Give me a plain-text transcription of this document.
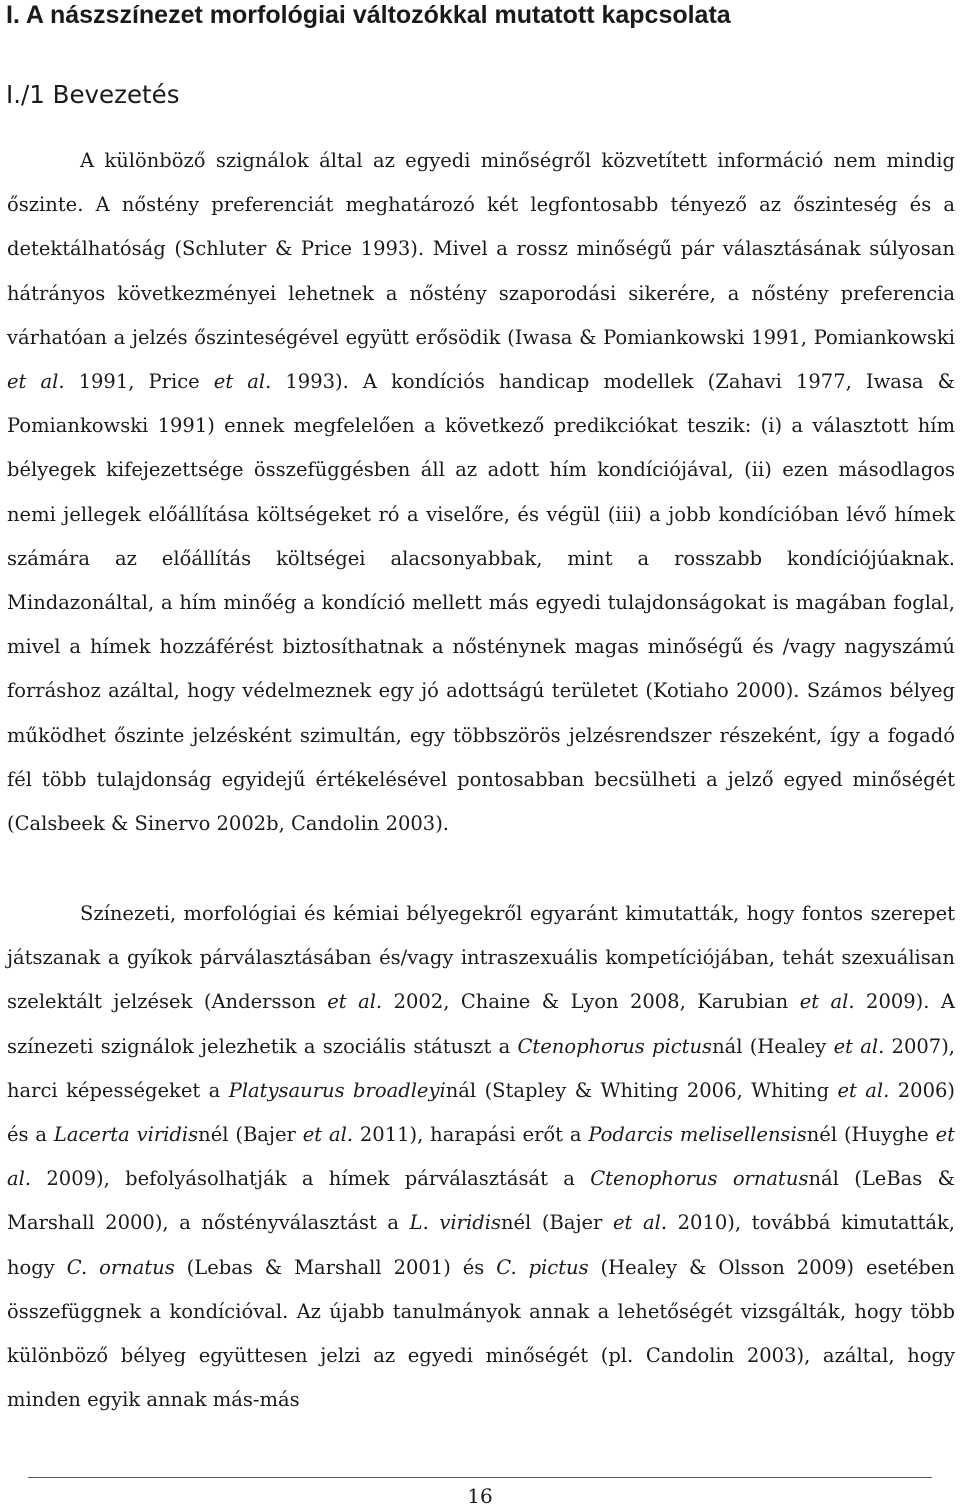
I. A nászszínezet morfológiai változókkal mutatott kapcsolata
I./1 Bevezetés

A különböző szignálok által az egyedi minőségről közvetített információ nem mindig őszinte. A nőstény preferenciát meghatározó két legfontosabb tényező az őszinteség és a detektálhatóság (Schluter & Price 1993). Mivel a rossz minőségű pár választásának súlyosan hátrányos következményei lehetnek a nőstény szaporodási sikerére, a nőstény preferencia várhatóan a jelzés őszinteségével együtt erősödik (Iwasa & Pomiankowski 1991, Pomiankowski et al. 1991, Price et al. 1993). A kondíciós handicap modellek (Zahavi 1977, Iwasa & Pomiankowski 1991) ennek megfelelően a következő predikciókat teszik: (i) a választott hím bélyegek kifejezettsége összefüggésben áll az adott hím kondíciójával, (ii) ezen másodlagos nemi jellegek előállítása költségeket ró a viselőre, és végül (iii) a jobb kondícióban lévő hímek számára az előállítás költségei alacsonyabbak, mint a rosszabb kondíciójúaknak. Mindazonáltal, a hím minőég a kondíció mellett más egyedi tulajdonságokat is magában foglal, mivel a hímek hozzáférést biztosíthatnak a nősténynek magas minőségű és /vagy nagyszámú forráshoz azáltal, hogy védelmeznek egy jó adottságú területet (Kotiaho 2000). Számos bélyeg működhet őszinte jelzésként szimultán, egy többszörös jelzésrendszer részeként, így a fogadó fél több tulajdonság egyidejű értékelésével pontosabban becsülheti a jelző egyed minőségét (Calsbeek & Sinervo 2002b, Candolin 2003).

Színezeti, morfológiai és kémiai bélyegekről egyaránt kimutatták, hogy fontos szerepet játszanak a gyíkok párválasztásában és/vagy intraszexuális kompetíciójában, tehát szexuálisan szelektált jelzések (Andersson et al. 2002, Chaine & Lyon 2008, Karubian et al. 2009). A színezeti szignálok jelezhetik a szociális státuszt a Ctenophorus pictusnál (Healey et al. 2007), harci képességeket a Platysaurus broadleyinál (Stapley & Whiting 2006, Whiting et al. 2006) és a Lacerta viridisnél (Bajer et al. 2011), harapási erőt a Podarcis melisellensisnél (Huyghe et al. 2009), befolyásolhatják a hímek párválasztását a Ctenophorus ornatusnál (LeBas & Marshall 2000), a nőstényválasztást a L. viridisnél (Bajer et al. 2010), továbbá kimutatták, hogy C. ornatus (Lebas & Marshall 2001) és C. pictus (Healey & Olsson 2009) esetében összefüggnek a kondícióval. Az újabb tanulmányok annak a lehetőségét vizsgálták, hogy több különböző bélyeg együttesen jelzi az egyedi minőségét (pl. Candolin 2003), azáltal, hogy minden egyik annak más-más

16
